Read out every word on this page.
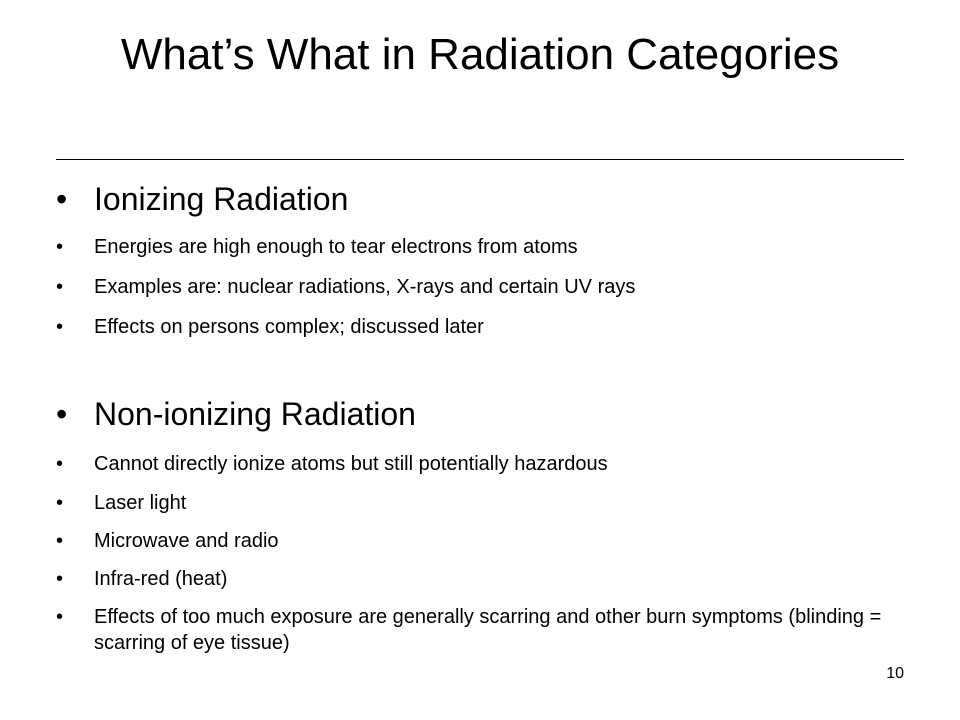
What’s What in Radiation Categories
• Ionizing Radiation
•	Energies are high enough to tear electrons from atoms
•	Examples are: nuclear radiations, X-rays and certain UV rays
•	Effects on persons complex; discussed later
• Non-ionizing Radiation
•	Cannot directly ionize atoms but still potentially hazardous
•	Laser light
•	Microwave and radio
•	Infra-red (heat)
•	Effects of too much exposure are generally scarring and other burn symptoms (blinding = scarring of eye tissue)
10
